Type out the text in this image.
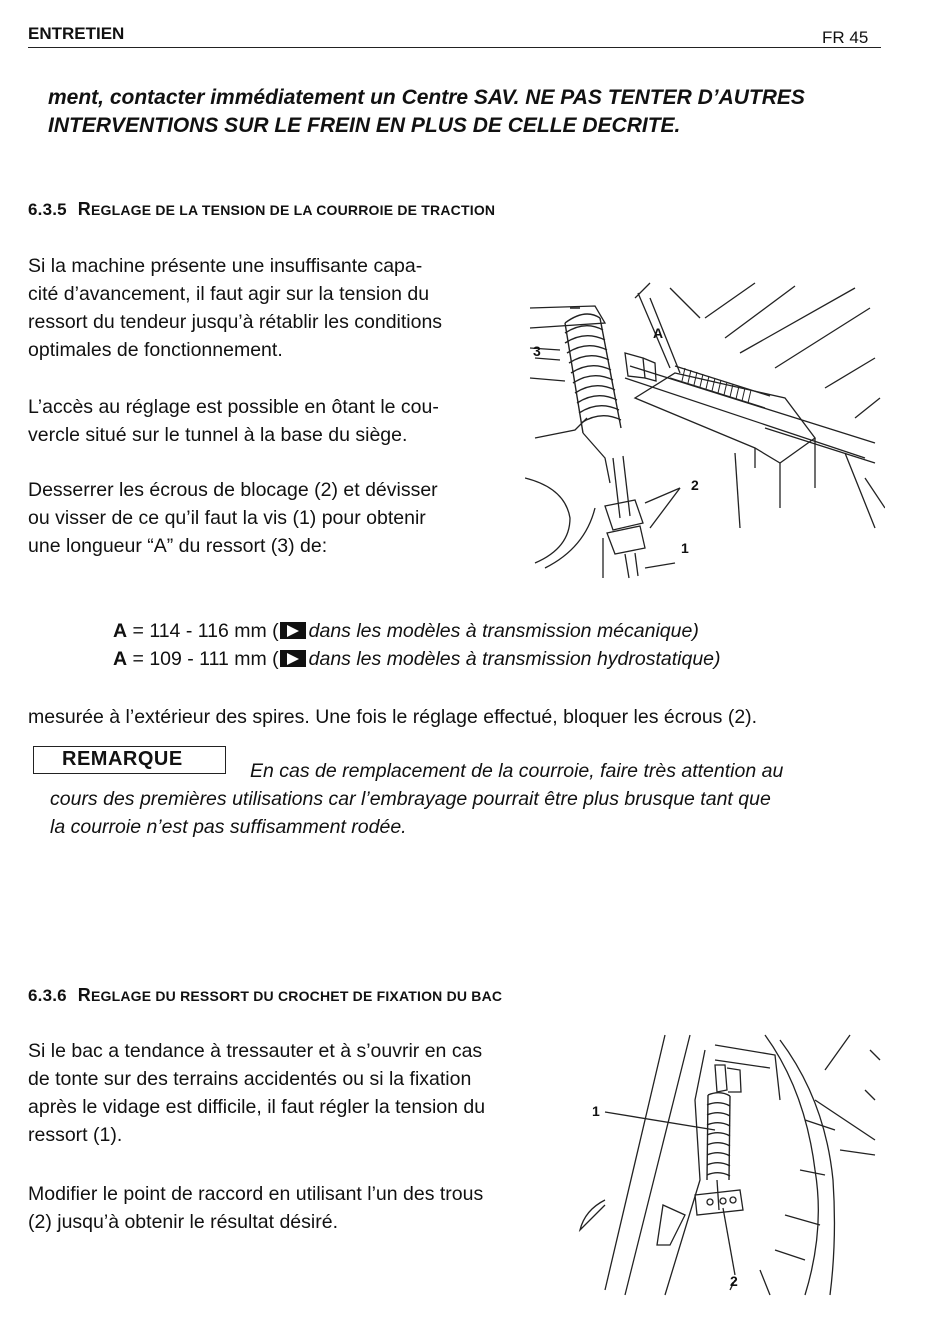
ENTRETIEN	FR 45
ment, contacter immédiatement un Centre SAV. NE PAS TENTER D’AUTRES
INTERVENTIONS SUR LE FREIN EN PLUS DE CELLE DECRITE.
6.3.5 REGLAGE DE LA TENSION DE LA COURROIE DE TRACTION
Si la machine présente une insuffisante capa-
cité d’avancement, il faut agir sur la tension du
ressort du tendeur jusqu’à rétablir les conditions
optimales de fonctionnement.
L’accès au réglage est possible en ôtant le cou-
vercle situé sur le tunnel à la base du siège.
Desserrer les écrous de blocage (2) et dévisser
ou visser de ce qu’il faut la vis (1) pour obtenir
une longueur “A” du ressort (3) de:
A
3
2
1
A = 114 - 116 mm ( dans les modèles à transmission mécanique)
A = 109 - 111 mm ( dans les modèles à transmission hydrostatique)
mesurée à l’extérieur des spires. Une fois le réglage effectué, bloquer les écrous (2).
REMARQUE
En cas de remplacement de la courroie, faire très attention au
cours des premières utilisations car l’embrayage pourrait être plus brusque tant que
la courroie n’est pas suffisamment rodée.
6.3.6 REGLAGE DU RESSORT DU CROCHET DE FIXATION DU BAC
Si le bac a tendance à tressauter et à s’ouvrir en cas
de tonte sur des terrains accidentés ou si la fixation
après le vidage est difficile, il faut régler la tension du
ressort (1).
Modifier le point de raccord en utilisant l’un des trous
(2) jusqu’à obtenir le résultat désiré.
1
2
